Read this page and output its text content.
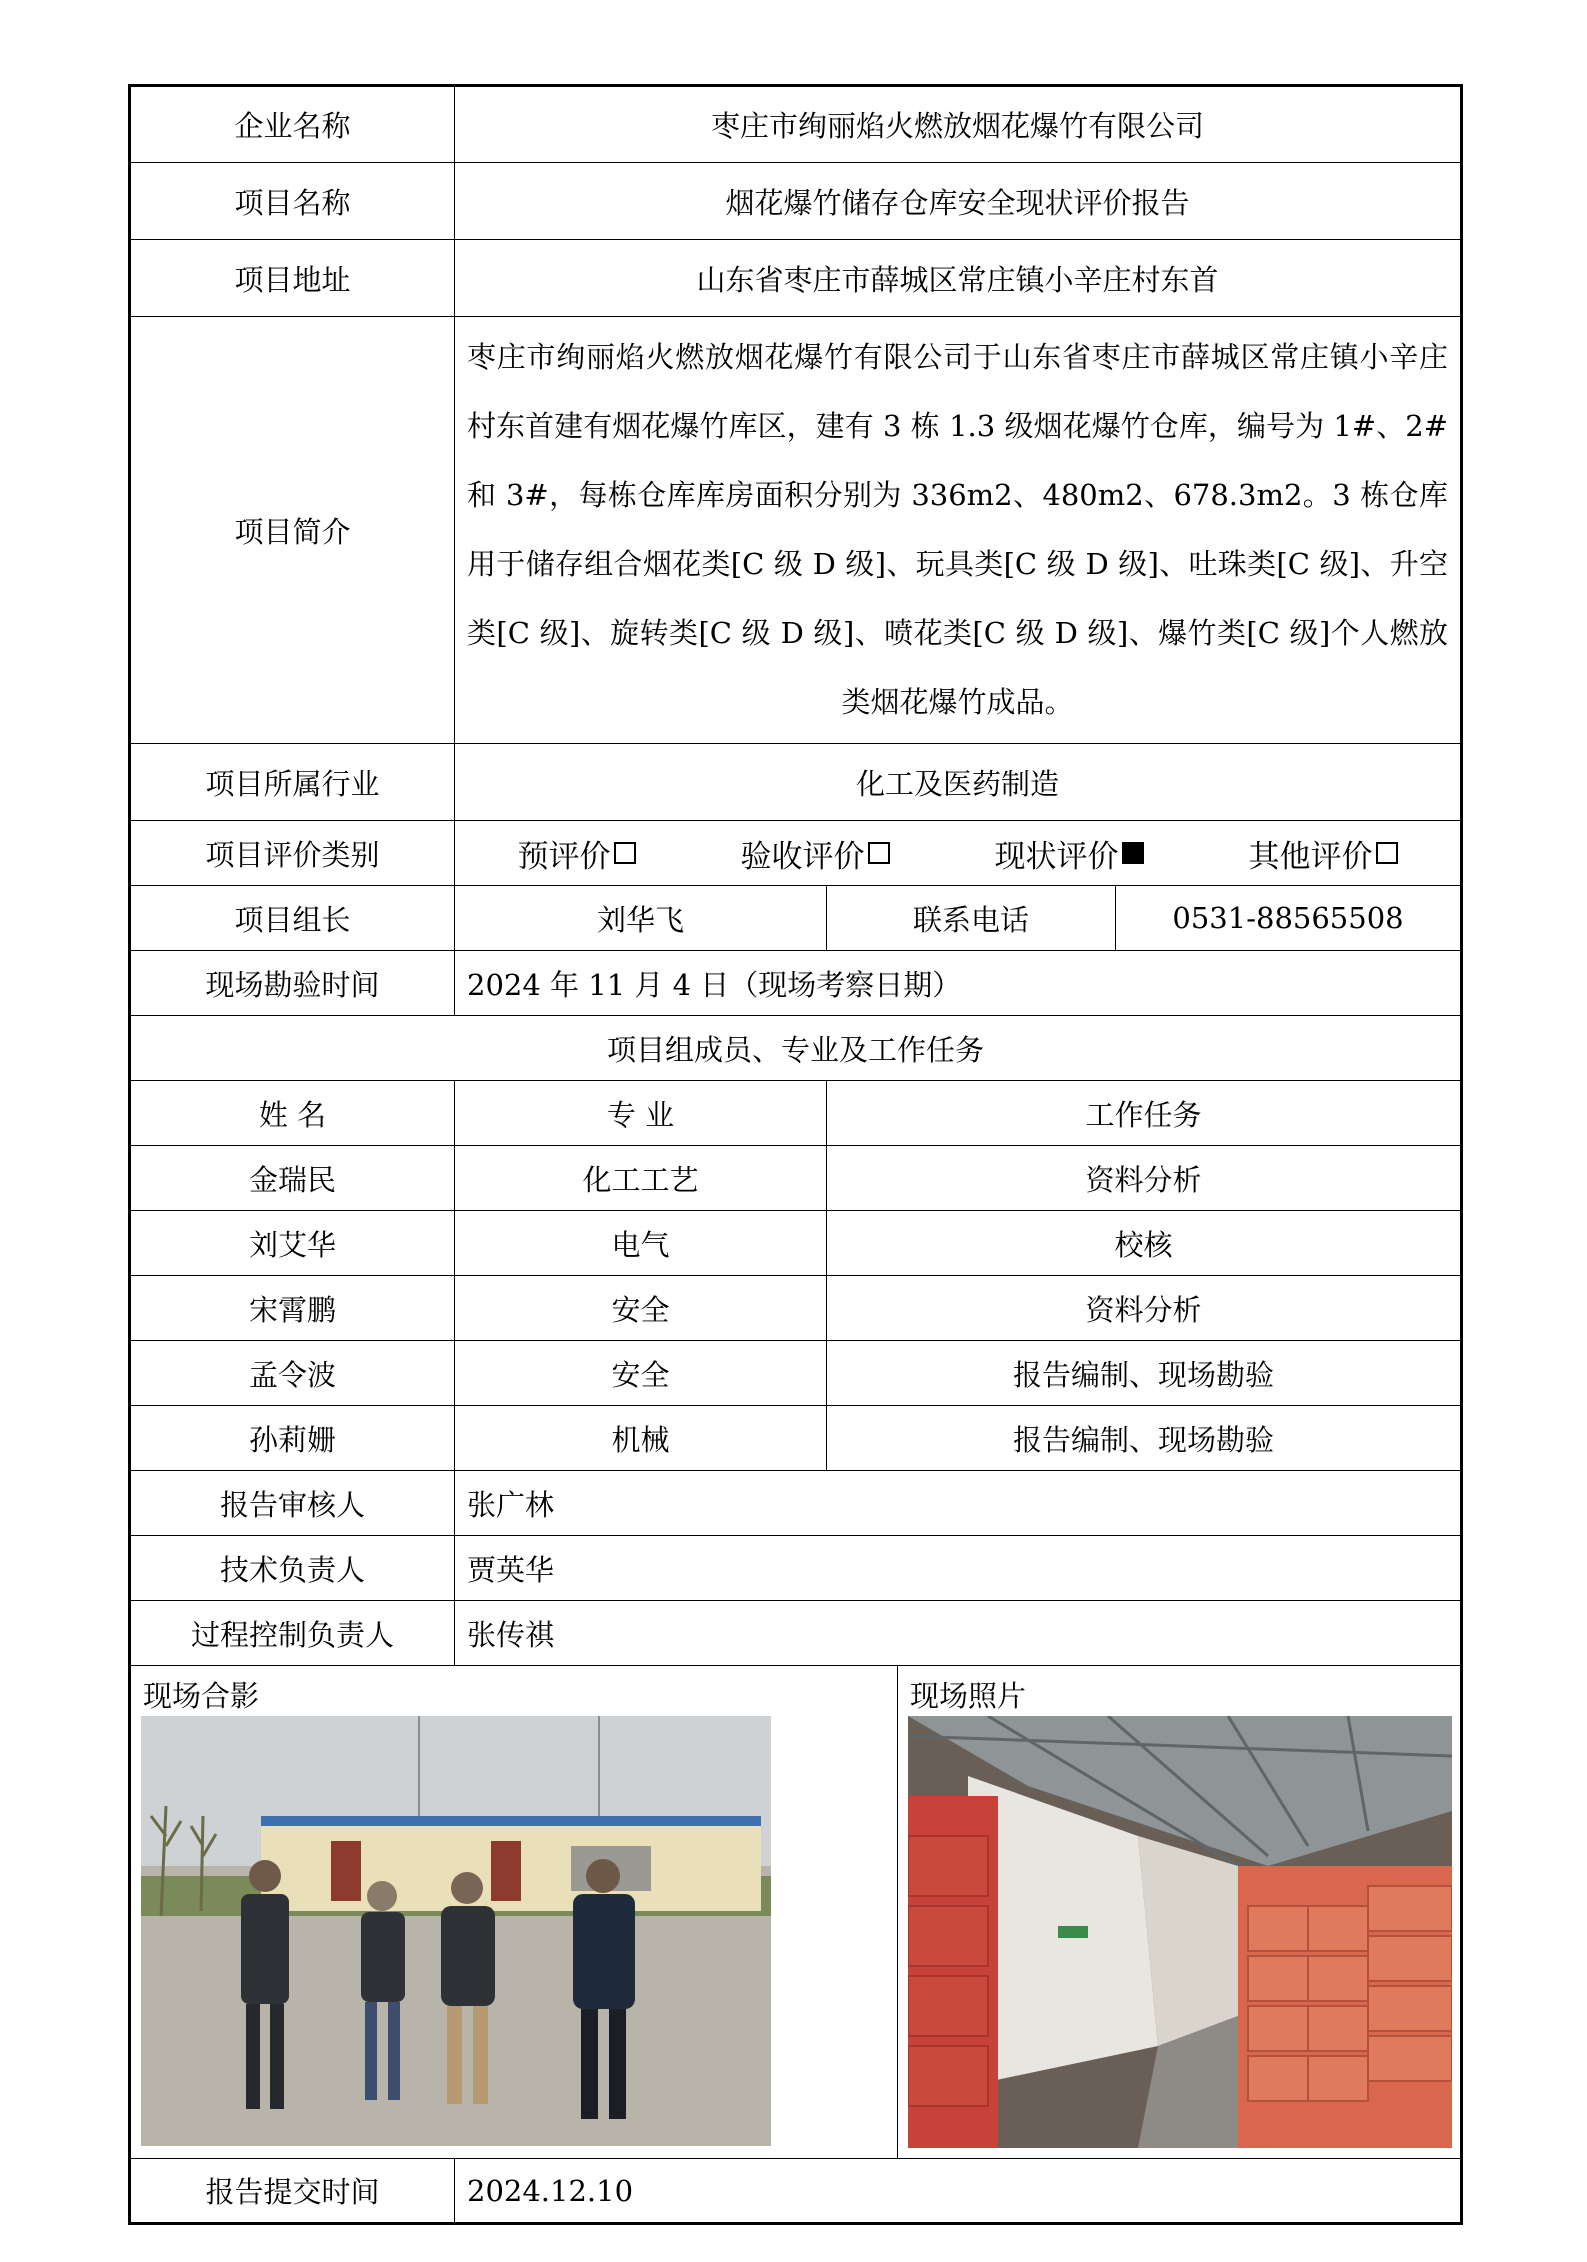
企业名称	枣庄市绚丽焰火燃放烟花爆竹有限公司			
项目名称	烟花爆竹储存仓库安全现状评价报告			
项目地址	山东省枣庄市薛城区常庄镇小辛庄村东首			
项目简介	枣庄市绚丽焰火燃放烟花爆竹有限公司于山东省枣庄市薛城区常庄镇小辛庄村东首建有烟花爆竹库区，建有 3 栋 1.3 级烟花爆竹仓库，编号为 1#、2#和 3#，每栋仓库库房面积分别为 336m2、480m2、678.3m2。3 栋仓库用于储存组合烟花类[C 级 D 级]、玩具类[C 级 D 级]、吐珠类[C 级]、升空类[C 级]、旋转类[C 级 D 级]、喷花类[C 级 D 级]、爆竹类[C 级]个人燃放类烟花爆竹成品。			
项目所属行业	化工及医药制造			
项目评价类别	预评价 验收评价 现状评价 其他评价			

项目组长	刘华飞	联系电话		0531-88565508
现场勘验时间	2024 年 11 月 4 日（现场考察日期）			
项目组成员、专业及工作任务				
姓 名	专 业	工作任务		
金瑞民	化工工艺	资料分析		
刘艾华	电气	校核		
宋霄鹏	安全	资料分析		
孟令波	安全	报告编制、现场勘验		
孙莉姗	机械	报告编制、现场勘验		
报告审核人	张广林			
技术负责人	贾英华			
过程控制负责人	张传祺			

现场合影			现场照片	

报告提交时间	2024.12.10			
